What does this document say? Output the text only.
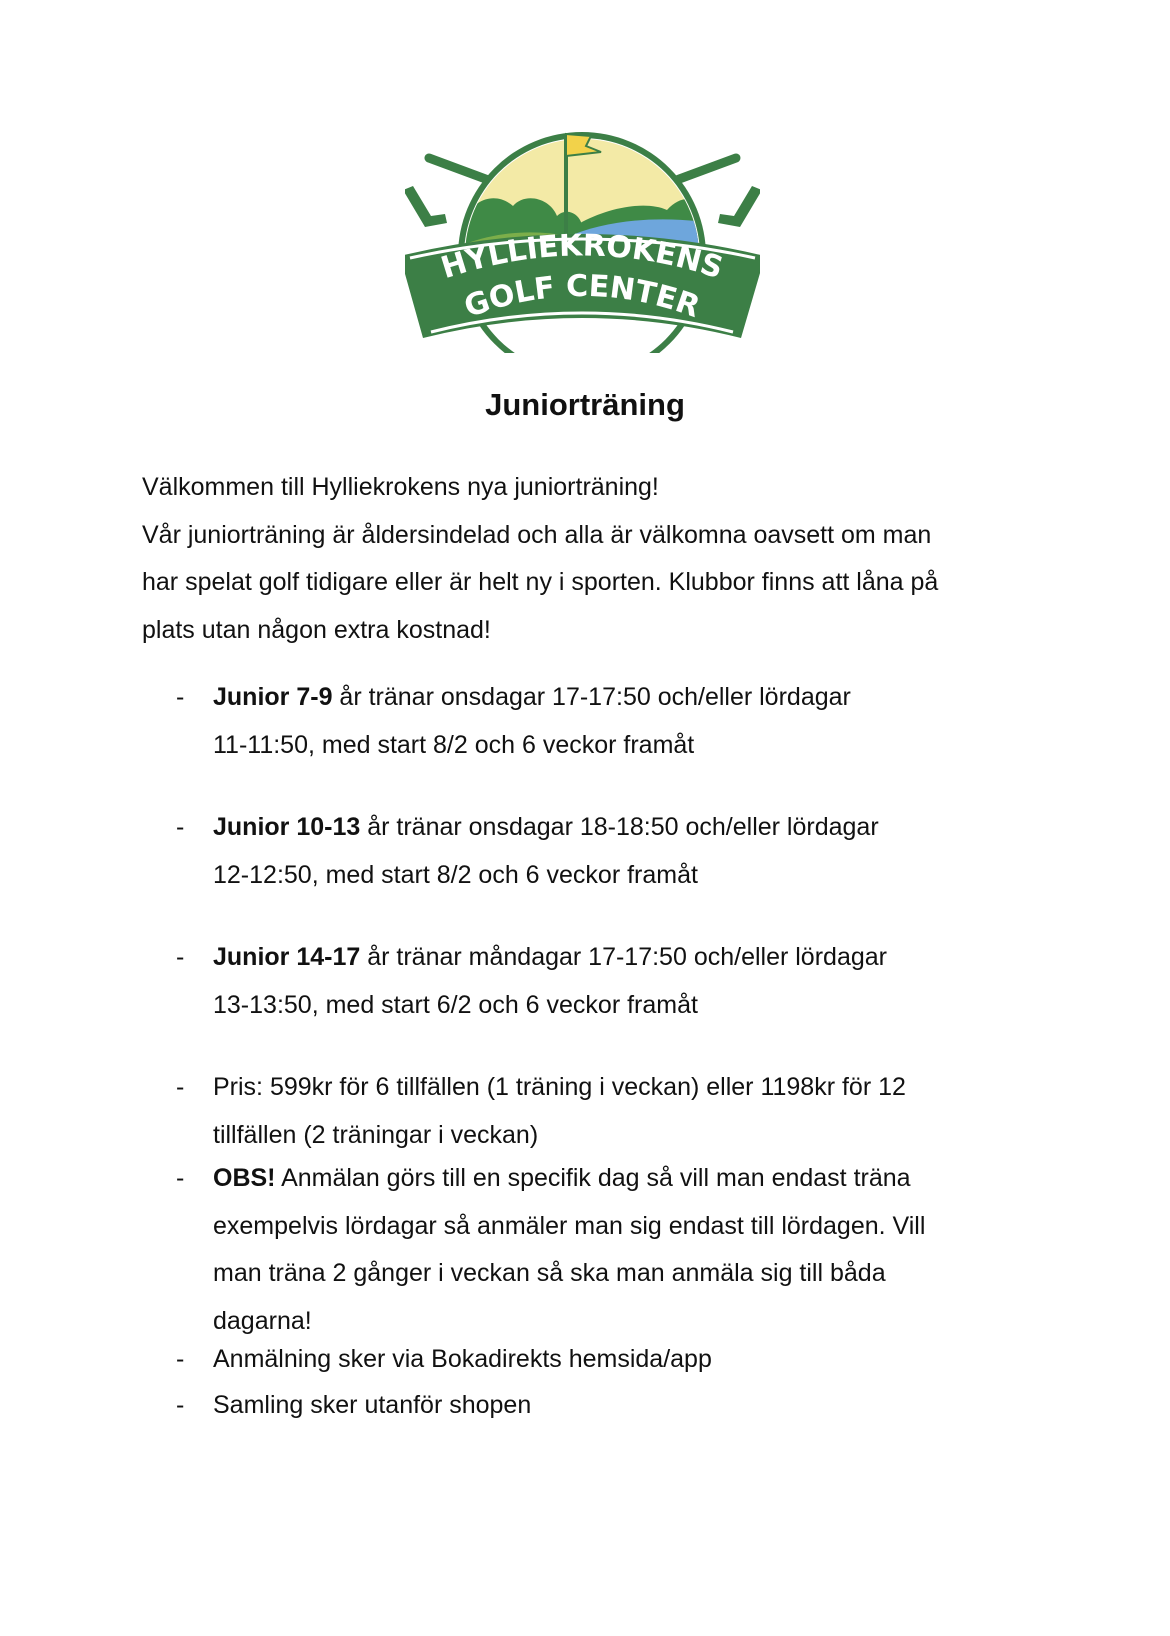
HYLLIEKROKENS
GOLF CENTER
Juniorträning
Välkommen till Hylliekrokens nya juniorträning!
Vår juniorträning är åldersindelad och alla är välkomna oavsett om man
har spelat golf tidigare eller är helt ny i sporten. Klubbor finns att låna på
plats utan någon extra kostnad!
- Junior 7-9 år tränar onsdagar 17-17:50 och/eller lördagar
11-11:50, med start 8/2 och 6 veckor framåt
- Junior 10-13 år tränar onsdagar 18-18:50 och/eller lördagar
12-12:50, med start 8/2 och 6 veckor framåt
- Junior 14-17 år tränar måndagar 17-17:50 och/eller lördagar
13-13:50, med start 6/2 och 6 veckor framåt
- Pris: 599kr för 6 tillfällen (1 träning i veckan) eller 1198kr för 12
tillfällen (2 träningar i veckan)
- OBS! Anmälan görs till en specifik dag så vill man endast träna
exempelvis lördagar så anmäler man sig endast till lördagen. Vill
man träna 2 gånger i veckan så ska man anmäla sig till båda
dagarna!
- Anmälning sker via Bokadirekts hemsida/app
- Samling sker utanför shopen
